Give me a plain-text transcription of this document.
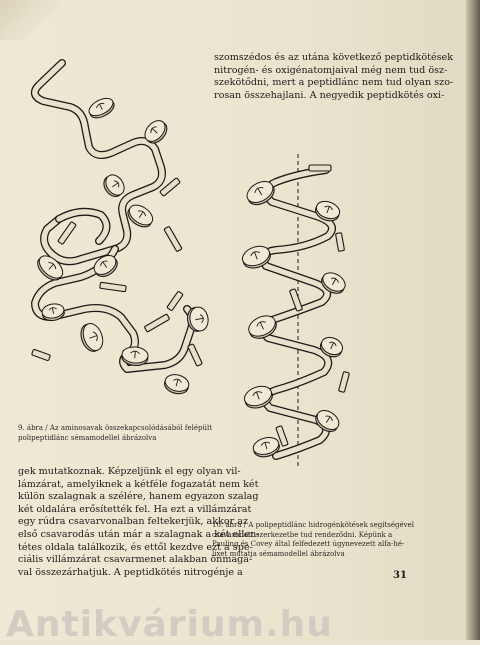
szomszédos és az utána következő peptidkötések

nitrogén- és oxigénatomjaival még nem tud ösz-

szekötődni, mert a peptidlánc nem tud olyan szo-

rosan összehajlani. A negyedik peptidkötés oxi-

9. ábra / Az aminosavak összekapcsolódásából felépült

polipeptidlánc sémamodellel ábrázolva

gek mutatkoznak. Képzeljünk el egy olyan vil-

lámzárat, amelyiknek a kétféle fogazatát nem két

külön szalagnak a szélére, hanem egyazon szalag

két oldalára erősítették fel. Ha ezt a villámzárat

egy rúdra csavarvonalban feltekerjük, akkor az

első csavarodás után már a szalagnak a két ellen-

tétes oldala találkozik, és ettől kezdve ezt a spe-

ciális villámzárat csavarmenet alakban önmagá-

val összezárhatjuk. A peptidkötés nitrogénje a

10. ábra / A polipeptidlánc hidrogénkötések segítségével

csavarodott szerkezetbe tud rendeződni. Képünk a

Pauling és Covey által felfedezett úgynevezett alfa-hé-

lixet mutatja sémamodellel ábrázolva

31
Antikvárium.hu
